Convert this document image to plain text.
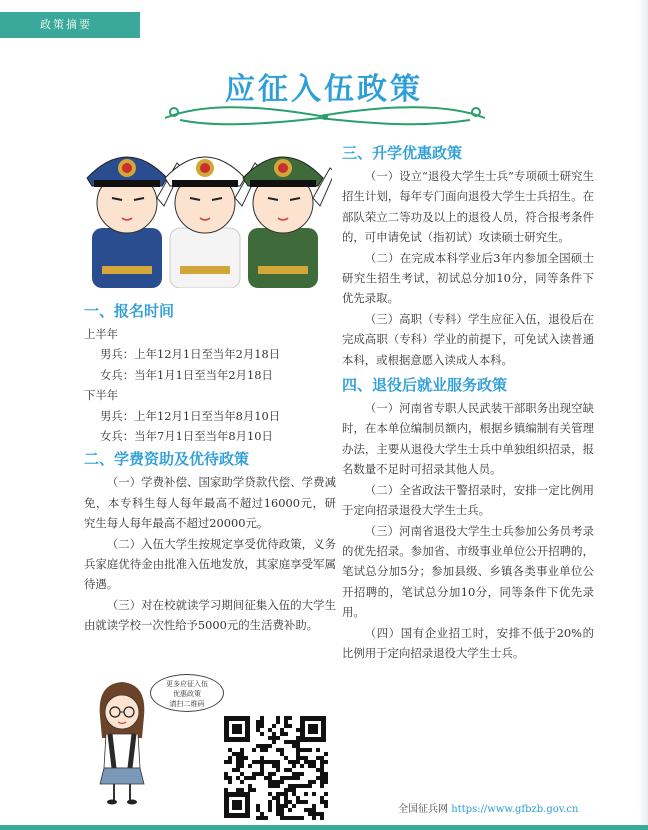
政策摘要
应征入伍政策
一、报名时间

上半年

男兵：上年12月1日至当年2月18日

女兵：当年1月1日至当年2月18日

下半年

男兵：上年12月1日至当年8月10日

女兵：当年7月1日至当年8月10日

二、学费资助及优待政策

（一）学费补偿、国家助学贷款代偿、学费减免，本专科生每人每年最高不超过16000元，研究生每人每年最高不超过20000元。

（二）入伍大学生按规定享受优待政策，义务兵家庭优待金由批准入伍地发放，其家庭享受军属待遇。

（三）对在校就读学习期间征集入伍的大学生由就读学校一次性给予5000元的生活费补助。

三、升学优惠政策

（一）设立“退役大学生士兵”专项硕士研究生招生计划，每年专门面向退役大学生士兵招生。在部队荣立二等功及以上的退役人员，符合报考条件的，可申请免试（指初试）攻读硕士研究生。

（二）在完成本科学业后3年内参加全国硕士研究生招生考试，初试总分加10分，同等条件下优先录取。

（三）高职（专科）学生应征入伍，退役后在完成高职（专科）学业的前提下，可免试入读普通本科，或根据意愿入读成人本科。

四、退役后就业服务政策

（一）河南省专职人民武装干部职务出现空缺时，在本单位编制员额内，根据乡镇编制有关管理办法，主要从退役大学生士兵中单独组织招录，报名数量不足时可招录其他人员。

（二）全省政法干警招录时，安排一定比例用于定向招录退役大学生士兵。

（三）河南省退役大学生士兵参加公务员考录的优先招录。参加省、市级事业单位公开招聘的，笔试总分加5分；参加县级、乡镇各类事业单位公开招聘的，笔试总分加10分，同等条件下优先录用。

（四）国有企业招工时，安排不低于20%的比例用于定向招录退役大学生士兵。

更多应征入伍
优惠政策
请扫二维码
全国征兵网 https://www.gfbzb.gov.cn
